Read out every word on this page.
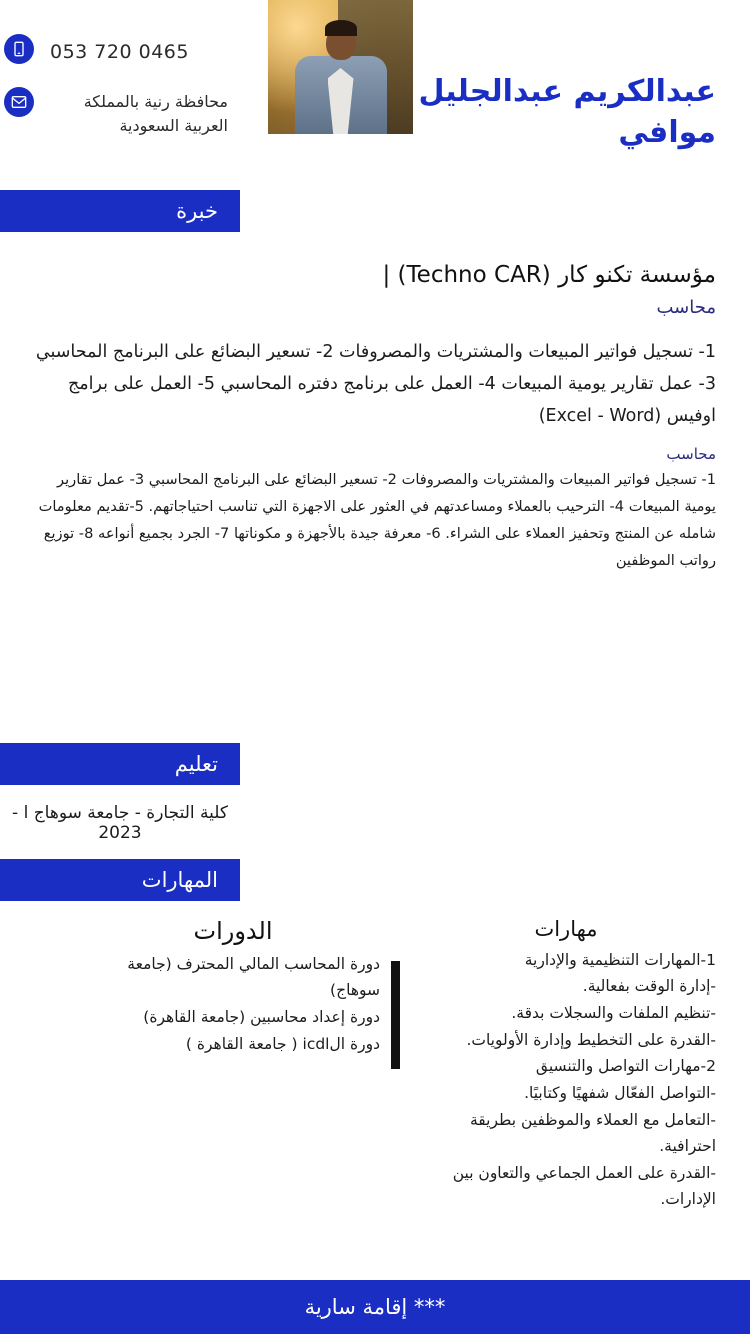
عبدالكريم عبدالجليل موافي
053 720 0465
محافظة رنية بالمملكة العربية السعودية
خبرة
مؤسسة تكنو كار (Techno CAR) |
محاسب
1- تسجيل فواتير المبيعات والمشتريات والمصروفات 2- تسعير البضائع على البرنامج المحاسبي 3- عمل تقارير يومية المبيعات 4- العمل على برنامج دفتره المحاسبي 5- العمل على برامج اوفيس (Excel - Word)
محاسب
1- تسجيل فواتير المبيعات والمشتريات والمصروفات 2- تسعير البضائع على البرنامج المحاسبي 3- عمل تقارير يومية المبيعات 4- الترحيب بالعملاء ومساعدتهم في العثور على الاجهزة التي تناسب احتياجاتهم. 5-تقديم معلومات شامله عن المنتج وتحفيز العملاء على الشراء. 6- معرفة جيدة بالأجهزة و مكوناتها 7- الجرد بجميع أنواعه 8- توزيع رواتب الموظفين
تعليم
كلية التجارة - جامعة سوهاج ا - 2023
المهارات
مهارات
1-المهارات التنظيمية والإدارية
-إدارة الوقت بفعالية.
-تنظيم الملفات والسجلات بدقة.
-القدرة على التخطيط وإدارة الأولويات.
2-مهارات التواصل والتنسيق
-التواصل الفعّال شفهيًا وكتابيًا.
-التعامل مع العملاء والموظفين بطريقة احترافية.
-القدرة على العمل الجماعي والتعاون بين الإدارات.
الدورات
دورة المحاسب المالي المحترف (جامعة سوهاج)
دورة إعداد محاسبين (جامعة القاهرة)
دورة الicdl ( جامعة القاهرة )
*** إقامة سارية
